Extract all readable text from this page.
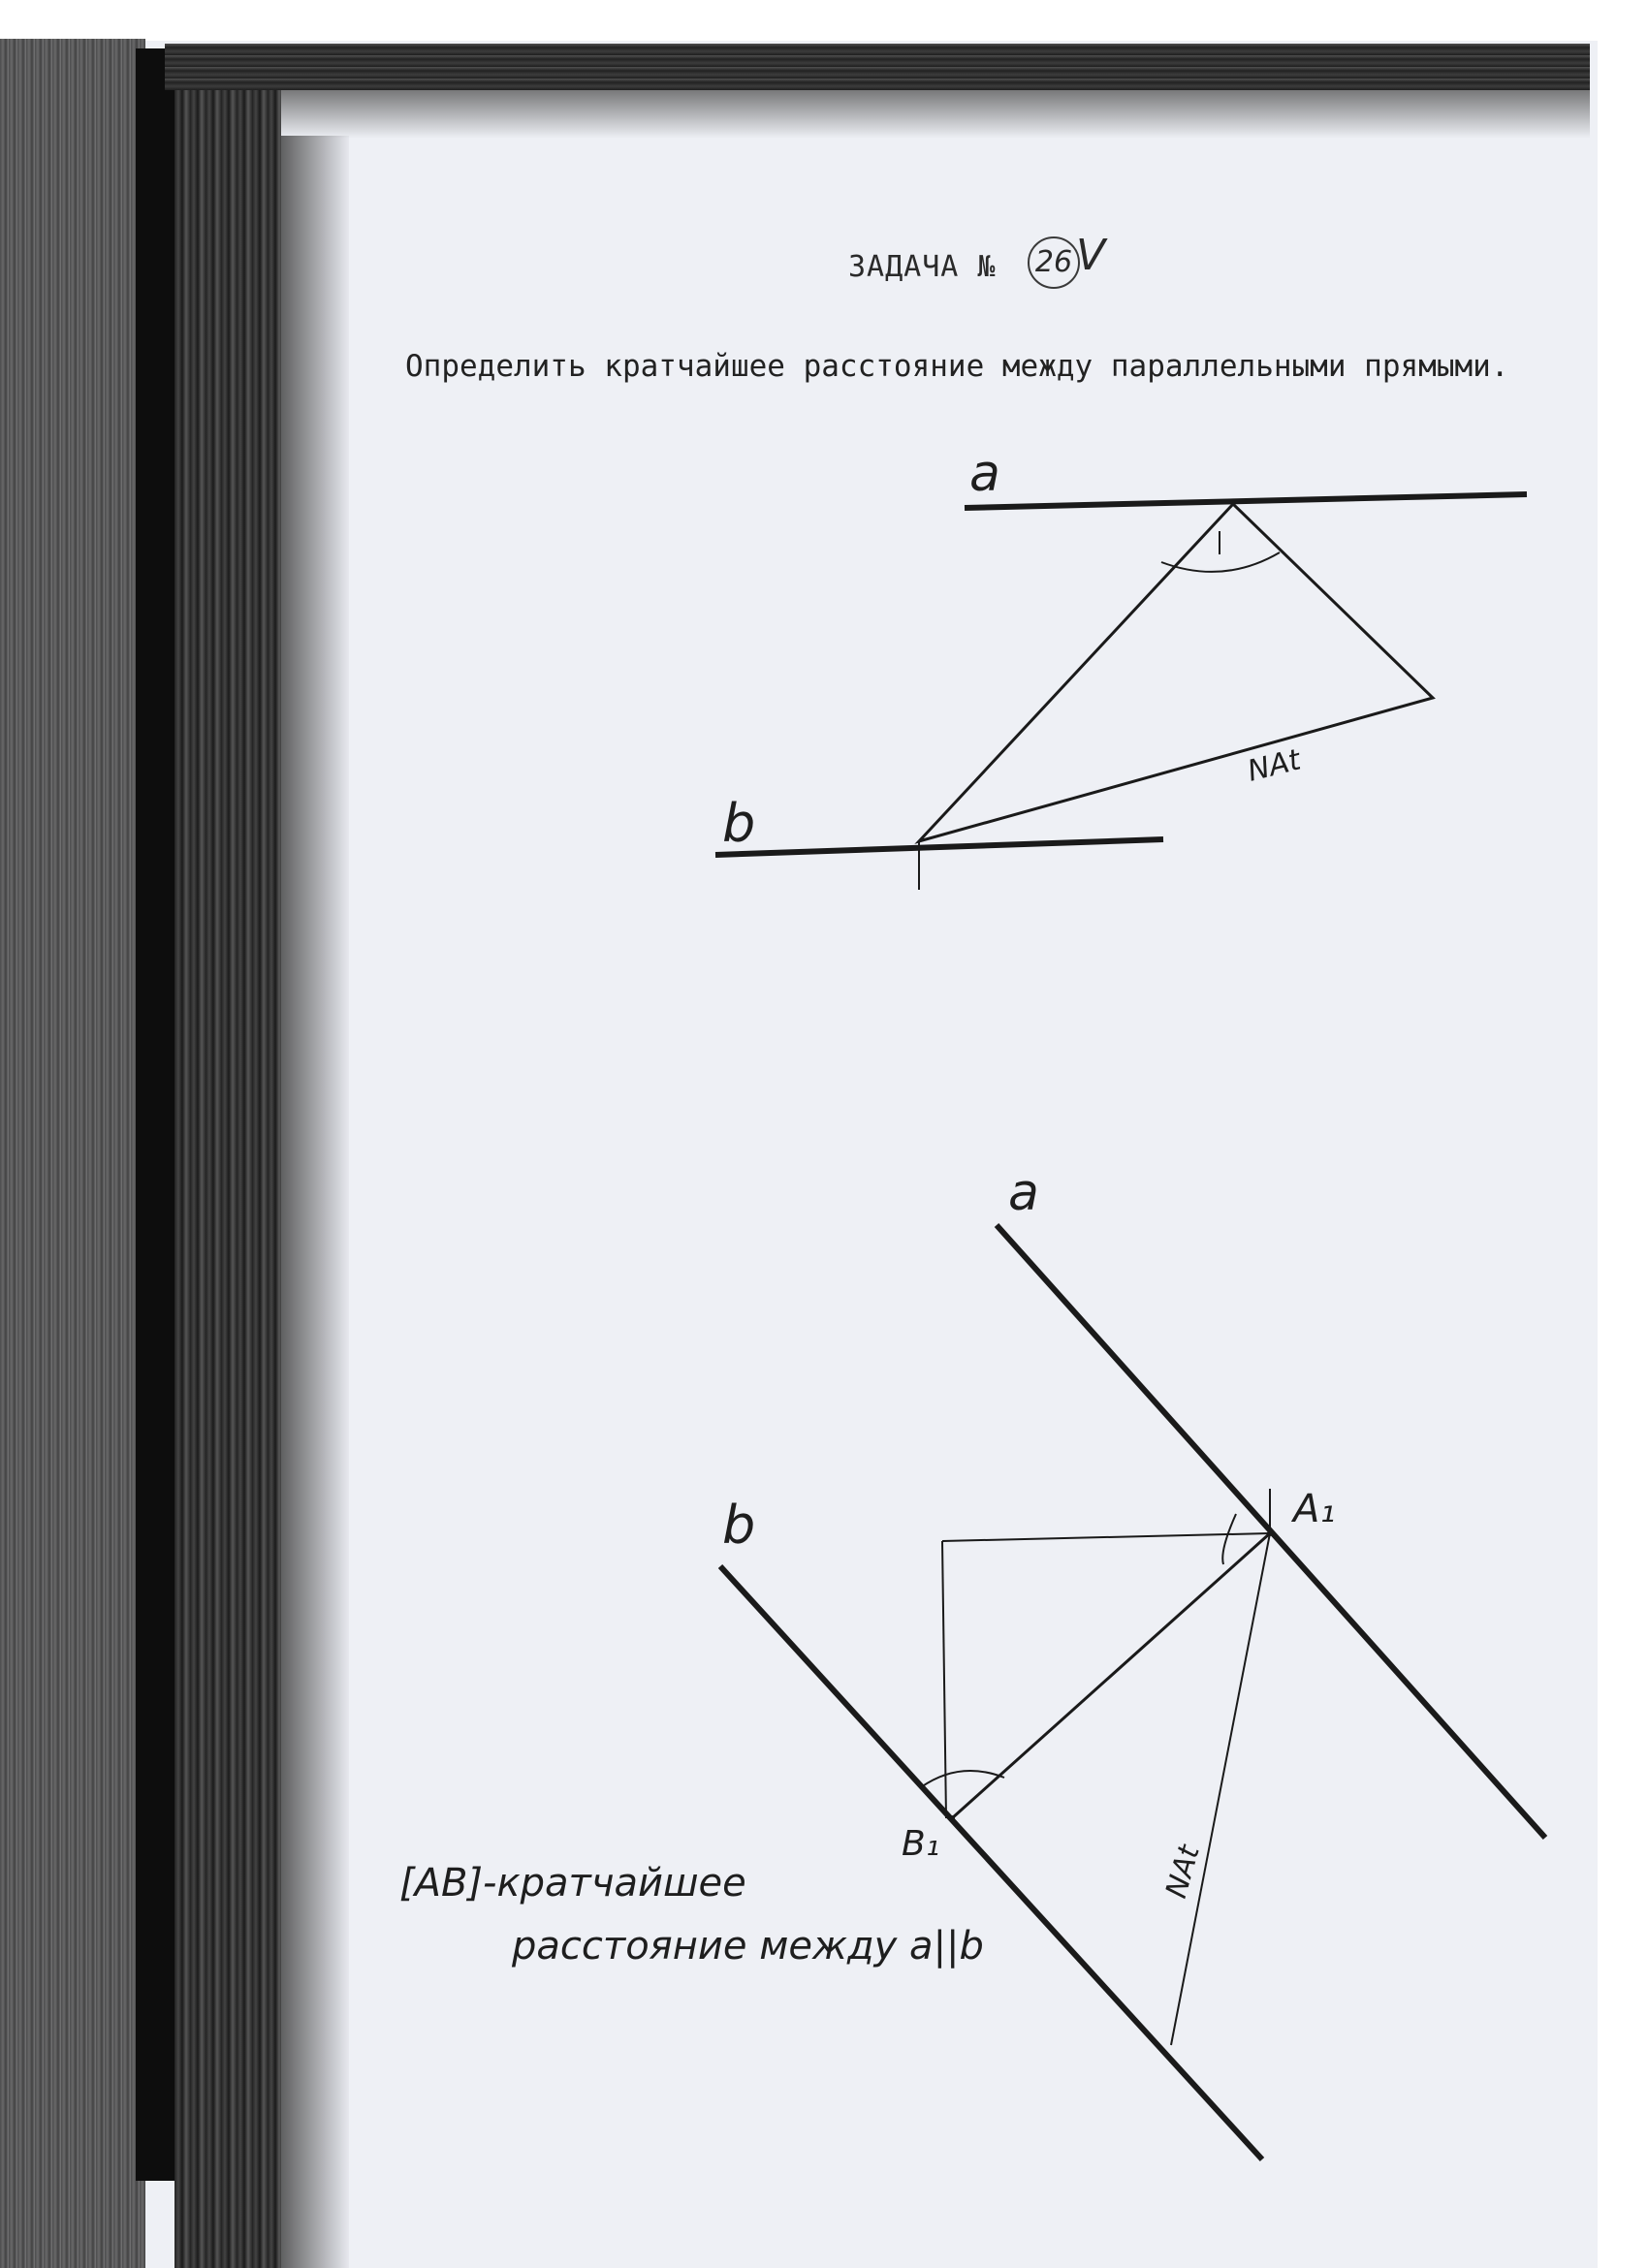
ЗАДАЧА № 26 V
Определить кратчайшее расстояние между параллельными прямыми.
a
b
NAt
a
b	A₁
B₁	NAt
[AB]-кратчайшее
расстояние между a||b
